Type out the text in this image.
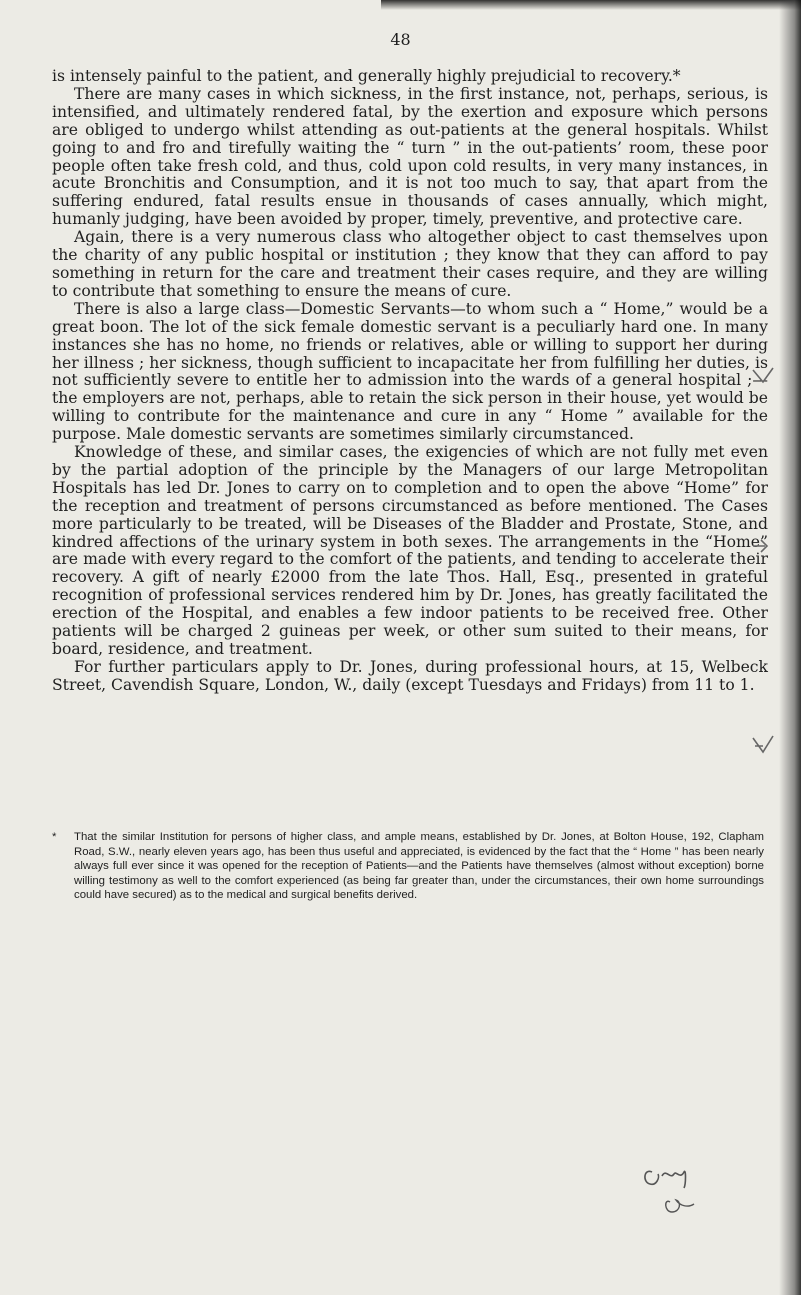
48

is intensely painful to the patient, and generally highly prejudicial to recovery.*

There are many cases in which sickness, in the first instance, not, perhaps, serious, is intensified, and ultimately rendered fatal, by the exertion and exposure which persons are obliged to undergo whilst attending as out-patients at the general hospitals. Whilst going to and fro and tirefully waiting the “ turn ” in the out-patients’ room, these poor people often take fresh cold, and thus, cold upon cold results, in very many instances, in acute Bronchitis and Consumption, and it is not too much to say, that apart from the suffering endured, fatal results ensue in thousands of cases annually, which might, humanly judging, have been avoided by proper, timely, preventive, and protective care.

Again, there is a very numerous class who altogether object to cast themselves upon the charity of any public hospital or institution ; they know that they can afford to pay something in return for the care and treatment their cases require, and they are willing to contribute that something to ensure the means of cure.

There is also a large class—Domestic Servants—to whom such a “ Home,” would be a great boon. The lot of the sick female domestic servant is a peculiarly hard one. In many instances she has no home, no friends or relatives, able or willing to support her during her illness ; her sickness, though sufficient to incapacitate her from fulfilling her duties, is not sufficiently severe to entitle her to admission into the wards of a general hospital ;—the employers are not, perhaps, able to retain the sick person in their house, yet would be willing to contribute for the maintenance and cure in any “ Home ” available for the purpose. Male domestic servants are sometimes similarly circumstanced.

Knowledge of these, and similar cases, the exigencies of which are not fully met even by the partial adoption of the principle by the Managers of our large Metropolitan Hospitals has led Dr. Jones to carry on to completion and to open the above “Home” for the reception and treatment of persons circumstanced as before mentioned. The Cases more particularly to be treated, will be Diseases of the Bladder and Prostate, Stone, and kindred affections of the urinary system in both sexes. The arrangements in the “Home” are made with every regard to the comfort of the patients, and tending to accelerate their recovery. A gift of nearly £2000 from the late Thos. Hall, Esq., presented in grateful recognition of professional services rendered him by Dr. Jones, has greatly facilitated the erection of the Hospital, and enables a few indoor patients to be received free. Other patients will be charged 2 guineas per week, or other sum suited to their means, for board, residence, and treatment.

For further particulars apply to Dr. Jones, during professional hours, at 15, Welbeck Street, Cavendish Square, London, W., daily (except Tuesdays and Fridays) from 11 to 1.

* That the similar Institution for persons of higher class, and ample means, established by Dr. Jones, at Bolton House, 192, Clapham Road, S.W., nearly eleven years ago, has been thus useful and appreciated, is evidenced by the fact that the “ Home ” has been nearly always full ever since it was opened for the reception of Patients—and the Patients have themselves (almost without exception) borne willing testimony as well to the comfort experienced (as being far greater than, under the circumstances, their own home surroundings could have secured) as to the medical and surgical benefits derived.
